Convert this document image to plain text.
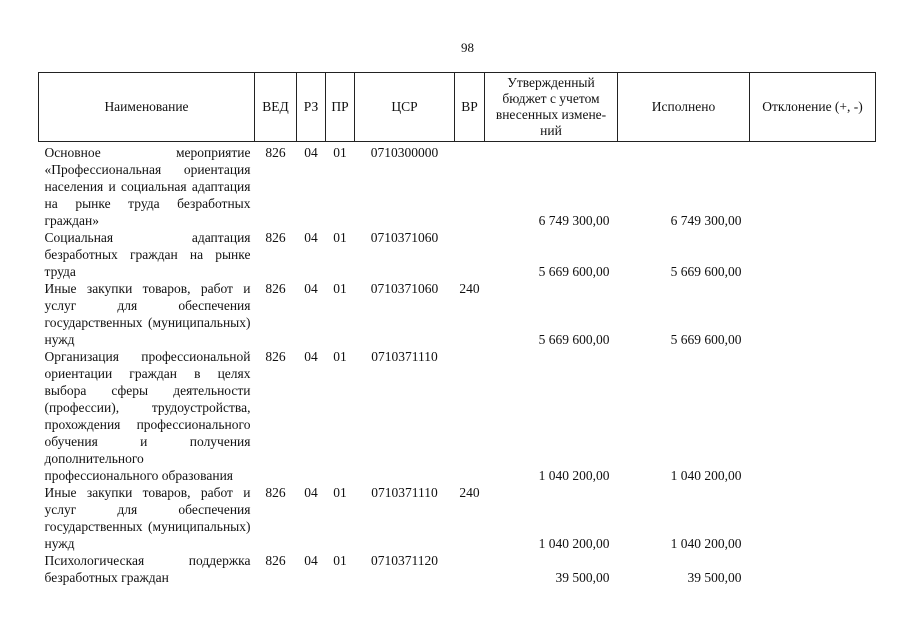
98
Наименование	ВЕД	РЗ	ПР	ЦСР	ВР	Утвержденный бюджет с учетом внесенных измене-ний	Исполнено	Отклонение (+, -)
Основное мероприятие «Профессиональная ориентация населения и социальная адаптация на рынке труда безработных граждан»	826	04	01	0710300000		6 749 300,00	6 749 300,00	
Социальная адаптация безработных граждан на рынке труда	826	04	01	0710371060		5 669 600,00	5 669 600,00	
Иные закупки товаров, работ и услуг для обеспечения государственных (муниципальных) нужд	826	04	01	0710371060	240	5 669 600,00	5 669 600,00	
Организация профессиональной ориентации граждан в целях выбора сферы деятельности (профессии), трудоустройства, прохождения профессионального обучения и получения дополнительного профессионального образования	826	04	01	0710371110		1 040 200,00	1 040 200,00	
Иные закупки товаров, работ и услуг для обеспечения государственных (муниципальных) нужд	826	04	01	0710371110	240	1 040 200,00	1 040 200,00	
Психологическая поддержка безработных граждан	826	04	01	0710371120		39 500,00	39 500,00	
